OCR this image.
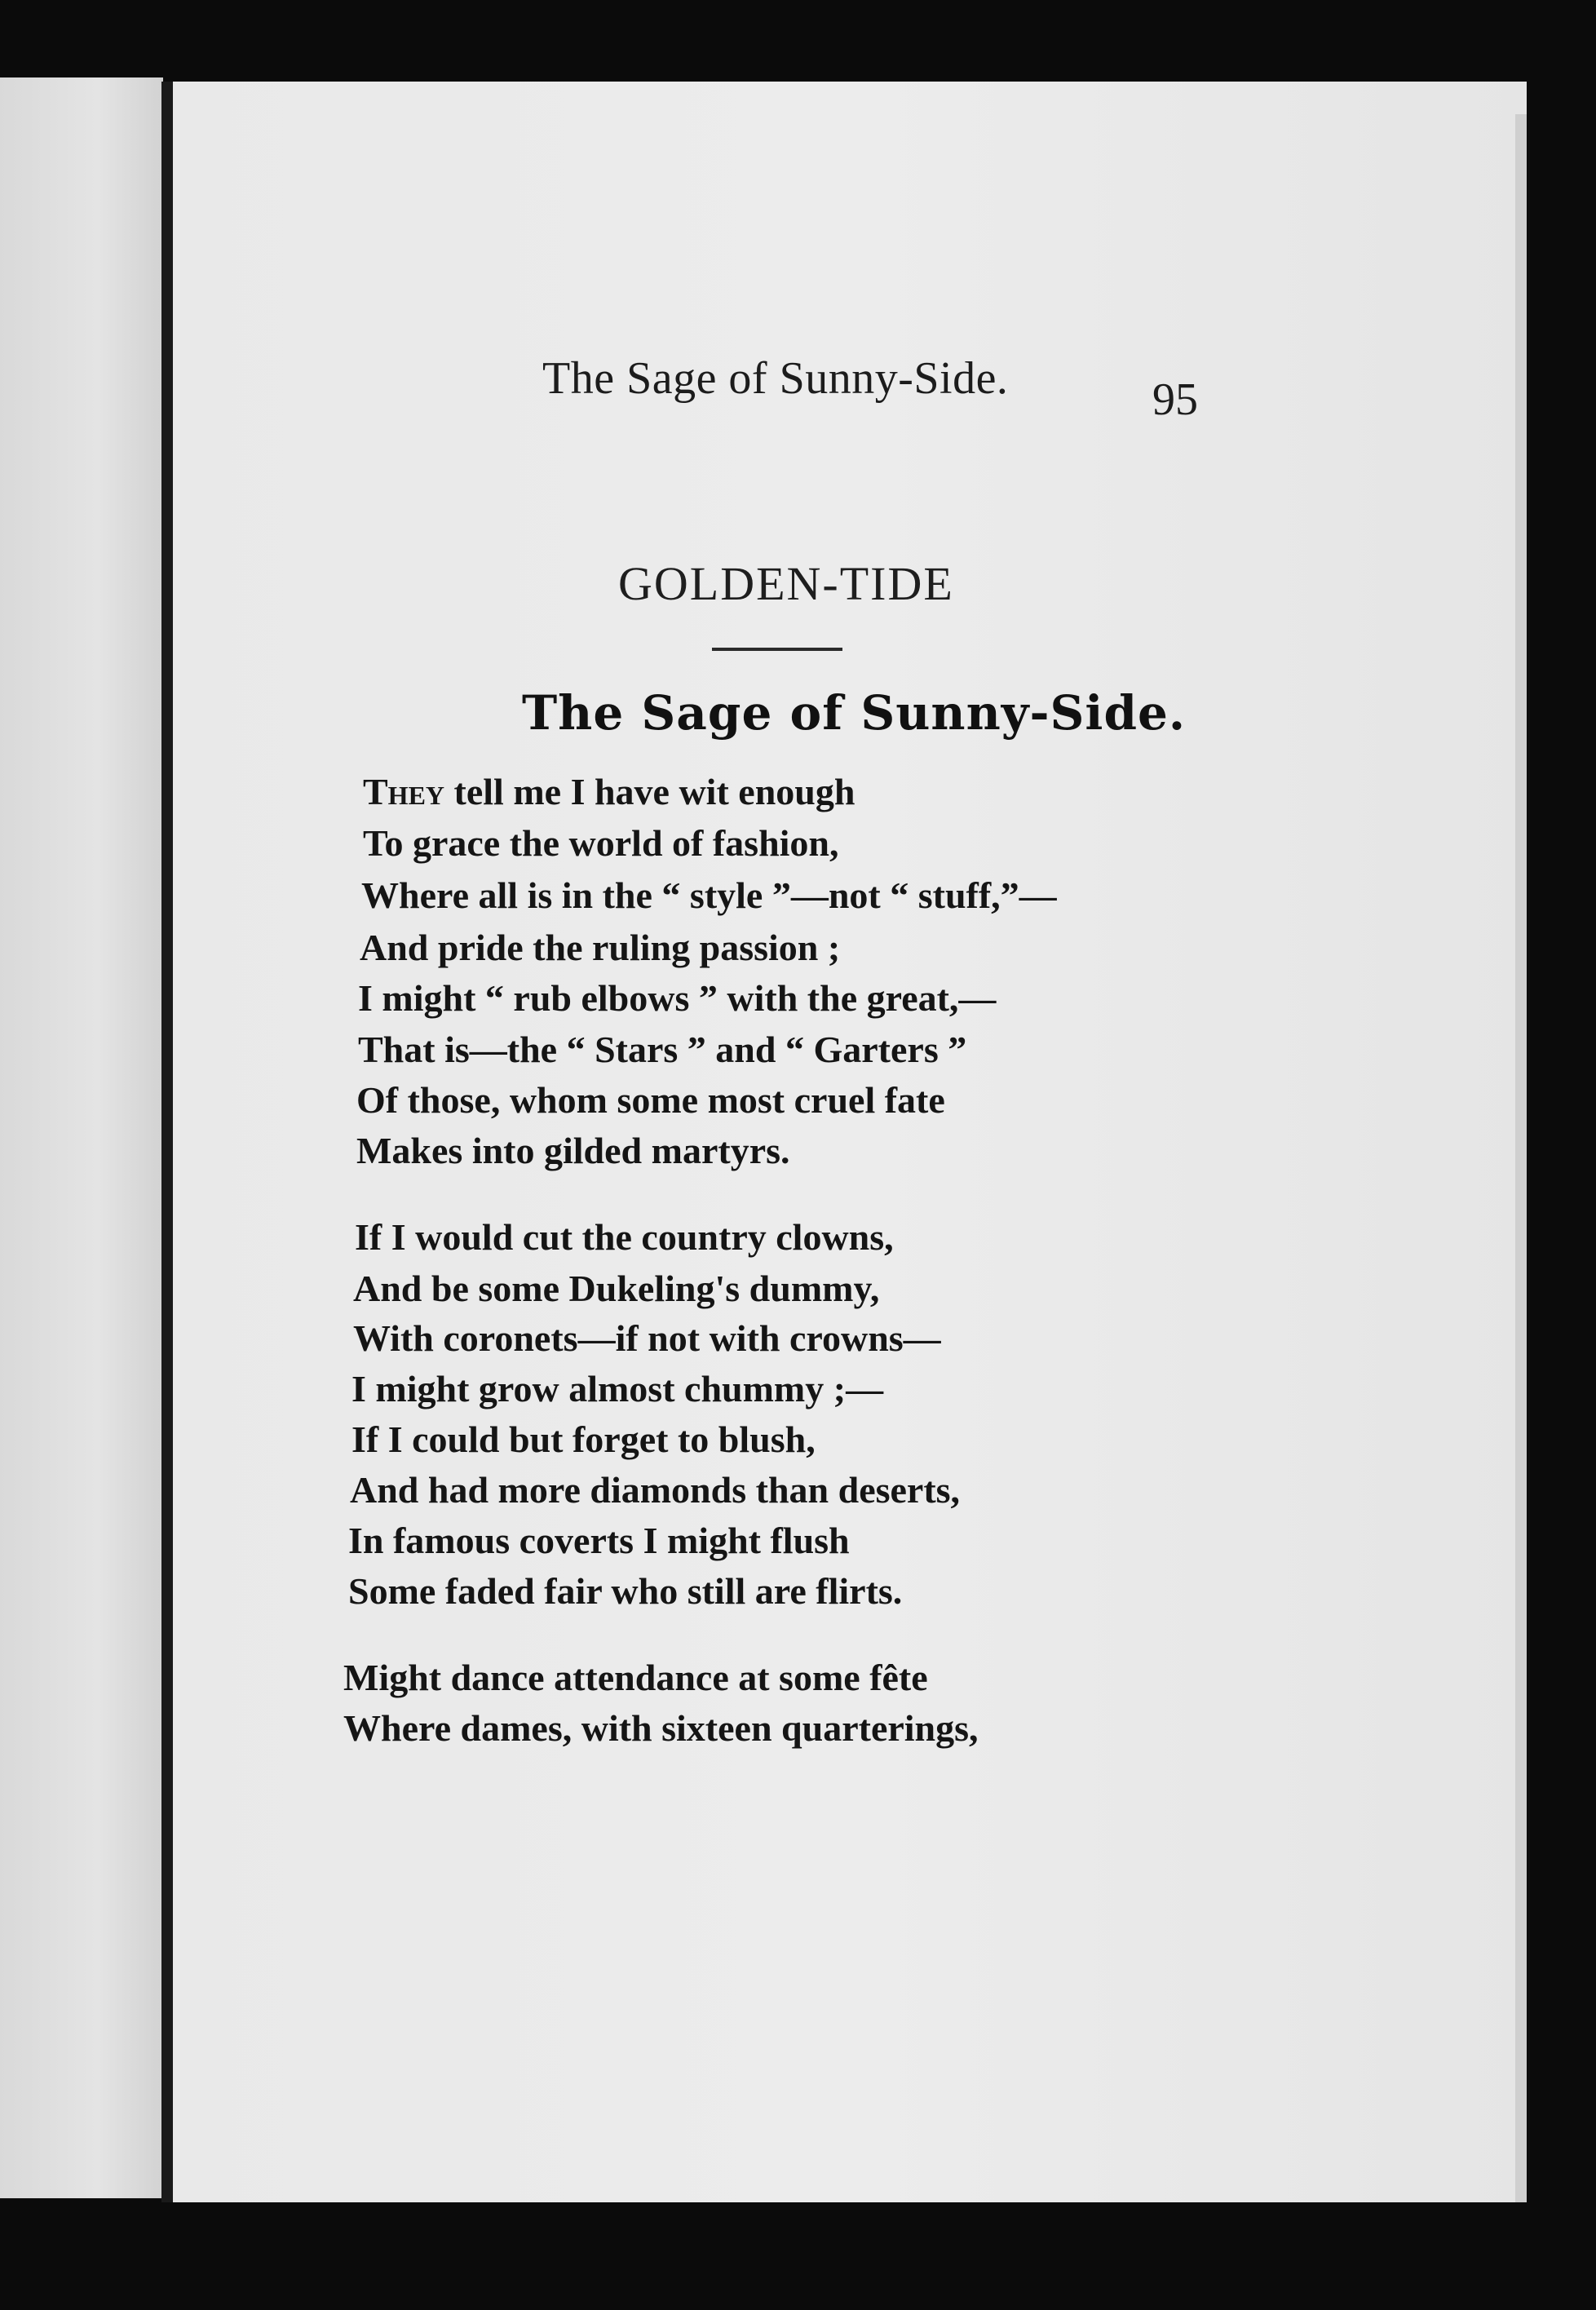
The Sage of Sunny-Side.	95
GOLDEN-TIDE
The Sage of Sunny-Side.
They tell me I have wit enough
To grace the world of fashion,
Where all is in the “ style ”—not “ stuff,”—
And pride the ruling passion ;
I might “ rub elbows ” with the great,—
That is—the “ Stars ” and “ Garters ”
Of those, whom some most cruel fate
Makes into gilded martyrs.
If I would cut the country clowns,
And be some Dukeling's dummy,
With coronets—if not with crowns—
I might grow almost chummy ;—
If I could but forget to blush,
And had more diamonds than deserts,
In famous coverts I might flush
Some faded fair who still are flirts.
Might dance attendance at some fête
Where dames, with sixteen quarterings,
